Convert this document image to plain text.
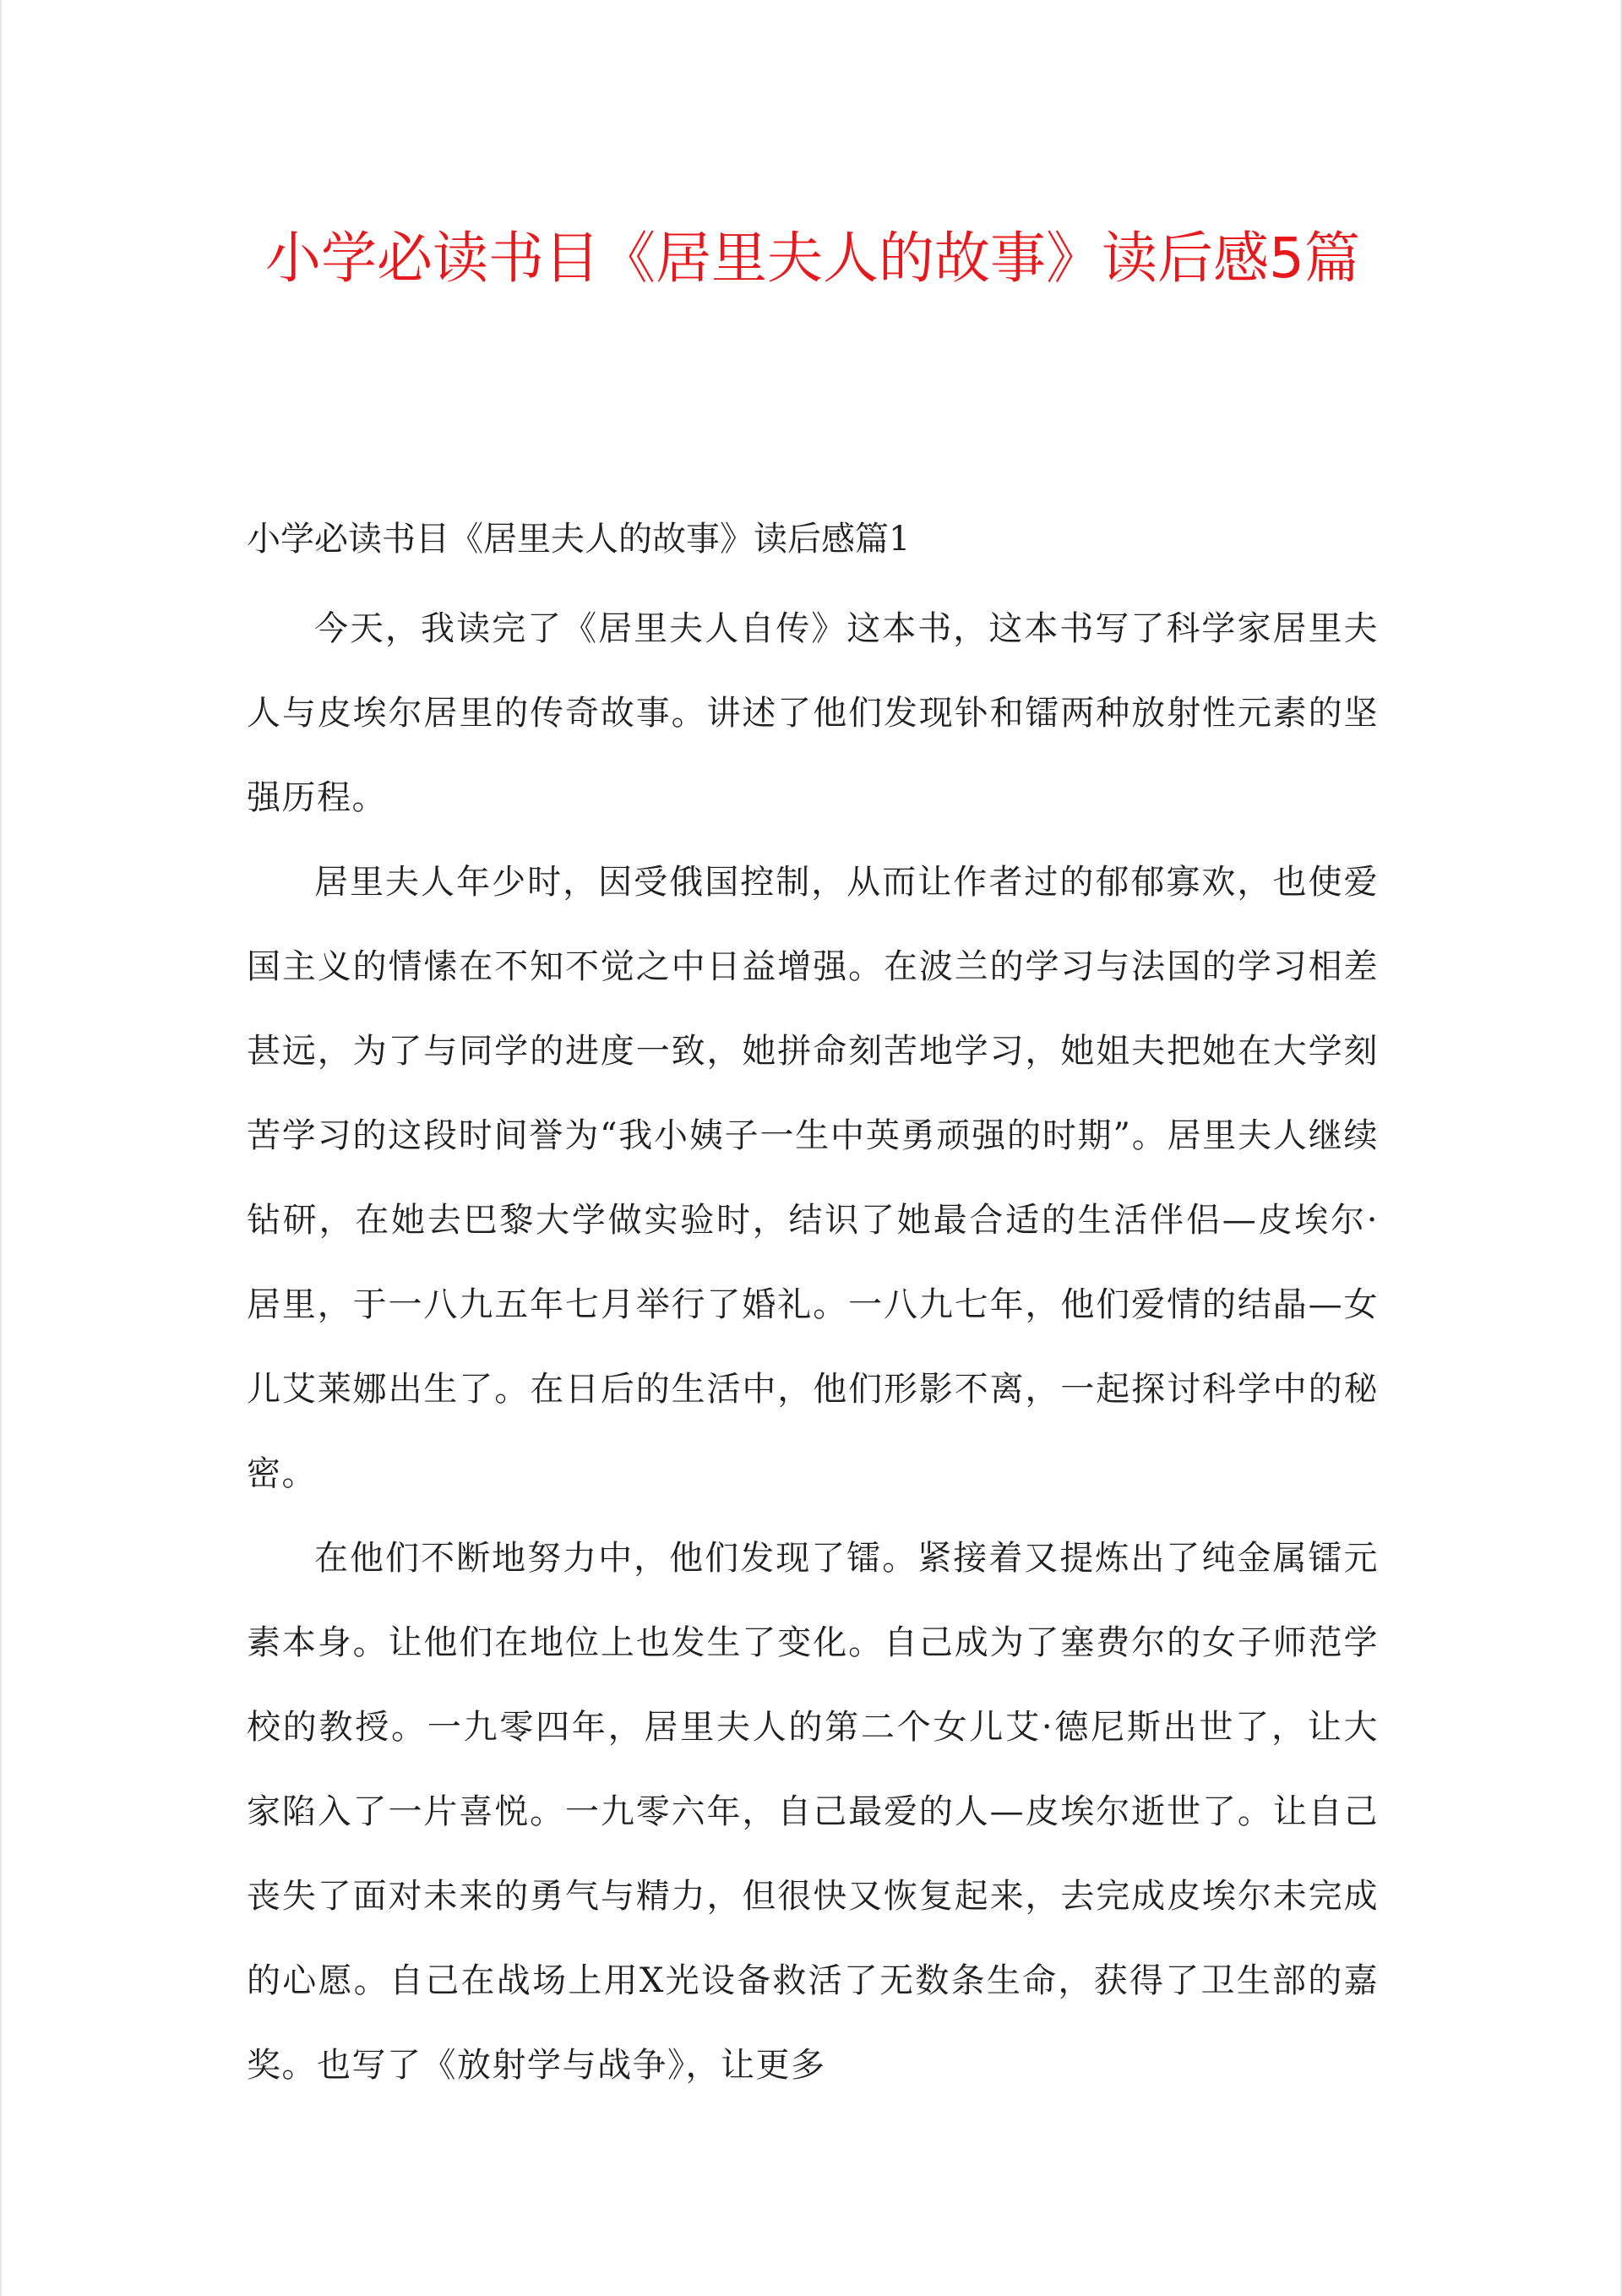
小学必读书目《居里夫人的故事》读后感5篇
小学必读书目《居里夫人的故事》读后感篇1

今天，我读完了《居里夫人自传》这本书，这本书写了科学家居里夫人与皮埃尔居里的传奇故事。讲述了他们发现钋和镭两种放射性元素的坚强历程。

居里夫人年少时，因受俄国控制，从而让作者过的郁郁寡欢，也使爱国主义的情愫在不知不觉之中日益增强。在波兰的学习与法国的学习相差甚远，为了与同学的进度一致，她拼命刻苦地学习，她姐夫把她在大学刻苦学习的这段时间誉为“我小姨子一生中英勇顽强的时期”。居里夫人继续钻研，在她去巴黎大学做实验时，结识了她最合适的生活伴侣—皮埃尔·居里，于一八九五年七月举行了婚礼。一八九七年，他们爱情的结晶—女儿艾莱娜出生了。在日后的生活中，他们形影不离，一起探讨科学中的秘密。

在他们不断地努力中，他们发现了镭。紧接着又提炼出了纯金属镭元素本身。让他们在地位上也发生了变化。自己成为了塞费尔的女子师范学校的教授。一九零四年，居里夫人的第二个女儿艾·德尼斯出世了，让大家陷入了一片喜悦。一九零六年，自己最爱的人—皮埃尔逝世了。让自己丧失了面对未来的勇气与精力，但很快又恢复起来，去完成皮埃尔未完成的心愿。自己在战场上用X光设备救活了无数条生命，获得了卫生部的嘉奖。也写了《放射学与战争》，让更多
